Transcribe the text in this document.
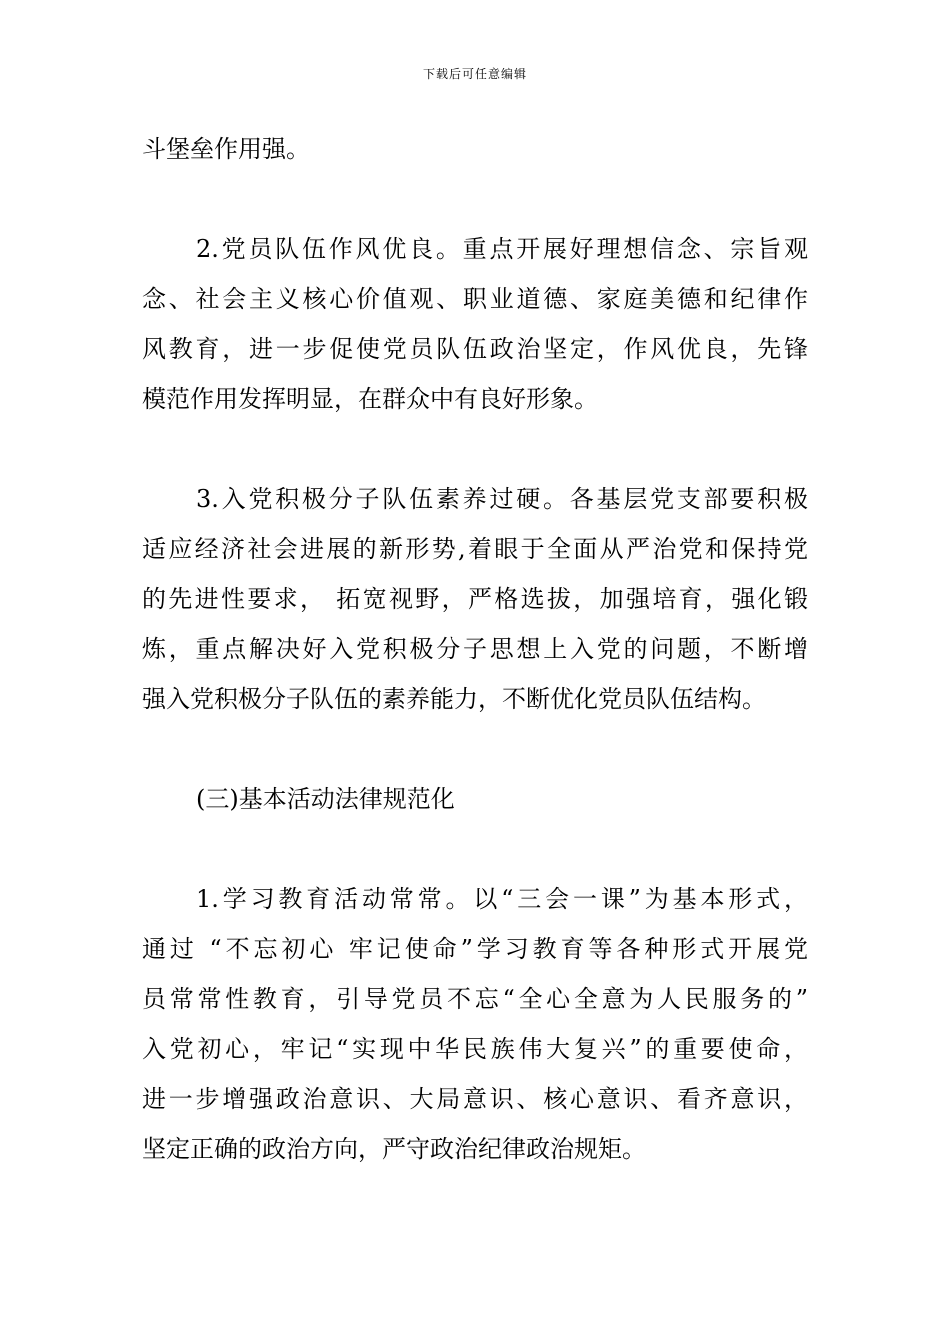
下载后可任意编辑
斗堡垒作用强。
2.党员队伍作风优良。重点开展好理想信念、宗旨观
念、社会主义核心价值观、职业道德、家庭美德和纪律作
风教育，进一步促使党员队伍政治坚定，作风优良，先锋
模范作用发挥明显，在群众中有良好形象。
3.入党积极分子队伍素养过硬。各基层党支部要积极
适应经济社会进展的新形势,着眼于全面从严治党和保持党
的先进性要求， 拓宽视野，严格选拔，加强培育，强化锻
炼，重点解决好入党积极分子思想上入党的问题，不断增
强入党积极分子队伍的素养能力，不断优化党员队伍结构。
(三)基本活动法律规范化
1.学习教育活动常常。以“三会一课”为基本形式，
通过 “不忘初心 牢记使命”学习教育等各种形式开展党
员常常性教育，引导党员不忘“全心全意为人民服务的”
入党初心，牢记“实现中华民族伟大复兴”的重要使命，
进一步增强政治意识、大局意识、核心意识、看齐意识，
坚定正确的政治方向，严守政治纪律政治规矩。
